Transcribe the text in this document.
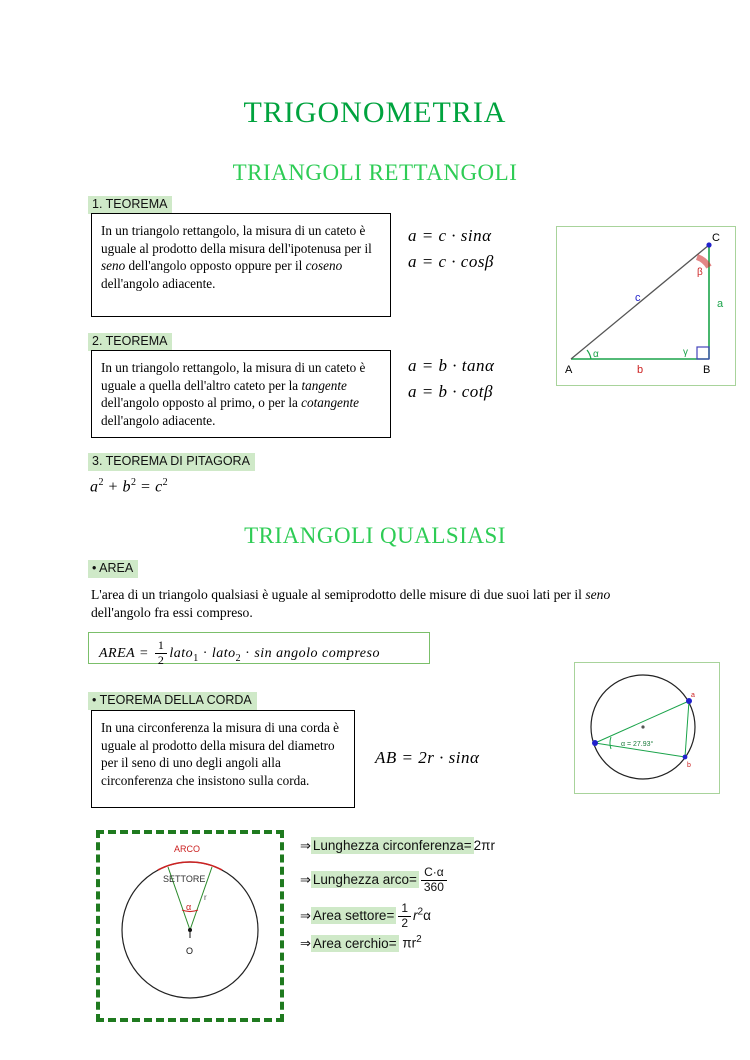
TRIGONOMETRIA
TRIANGOLI RETTANGOLI
1. TEOREMA
In un triangolo rettangolo, la misura di un cateto è uguale al prodotto della misura dell'ipotenusa per il seno dell'angolo opposto oppure per il coseno dell'angolo adiacente.
a = c · sinα
a = c · cosβ
C
A	B
a
b
c
α
β
γ
2. TEOREMA
In un triangolo rettangolo, la misura di un cateto è uguale a quella dell'altro cateto per la tangente dell'angolo opposto al primo, o per la cotangente dell'angolo adiacente.
a = b · tanα
a = b · cotβ
3. TEOREMA DI PITAGORA
$a^2 + b^2 = c^2$
TRIANGOLI QUALSIASI
• AREA
L'area di un triangolo qualsiasi è uguale al semiprodotto delle misure di due suoi lati per il seno dell'angolo fra essi compreso.
AREA = $\frac{1}{2}$ lato$_1$ · lato$_2$ · sin angolo compreso
• TEOREMA DELLA CORDA
In una circonferenza la misura di una corda è uguale al prodotto della misura del diametro per il seno di uno degli angoli alla circonferenza che insistono sulla corda.
AB = 2r · sinα
a
b
α = 27.93°
ARCO
SETTORE
α
r
O
⇒ Lunghezza circonferenza= 2πr
⇒ Lunghezza arco= $\frac{C\cdot\alpha}{360}$
⇒ Area settore= $\frac{1}{2} r^2\alpha$
⇒ Area cerchio= $\pi r^2$
